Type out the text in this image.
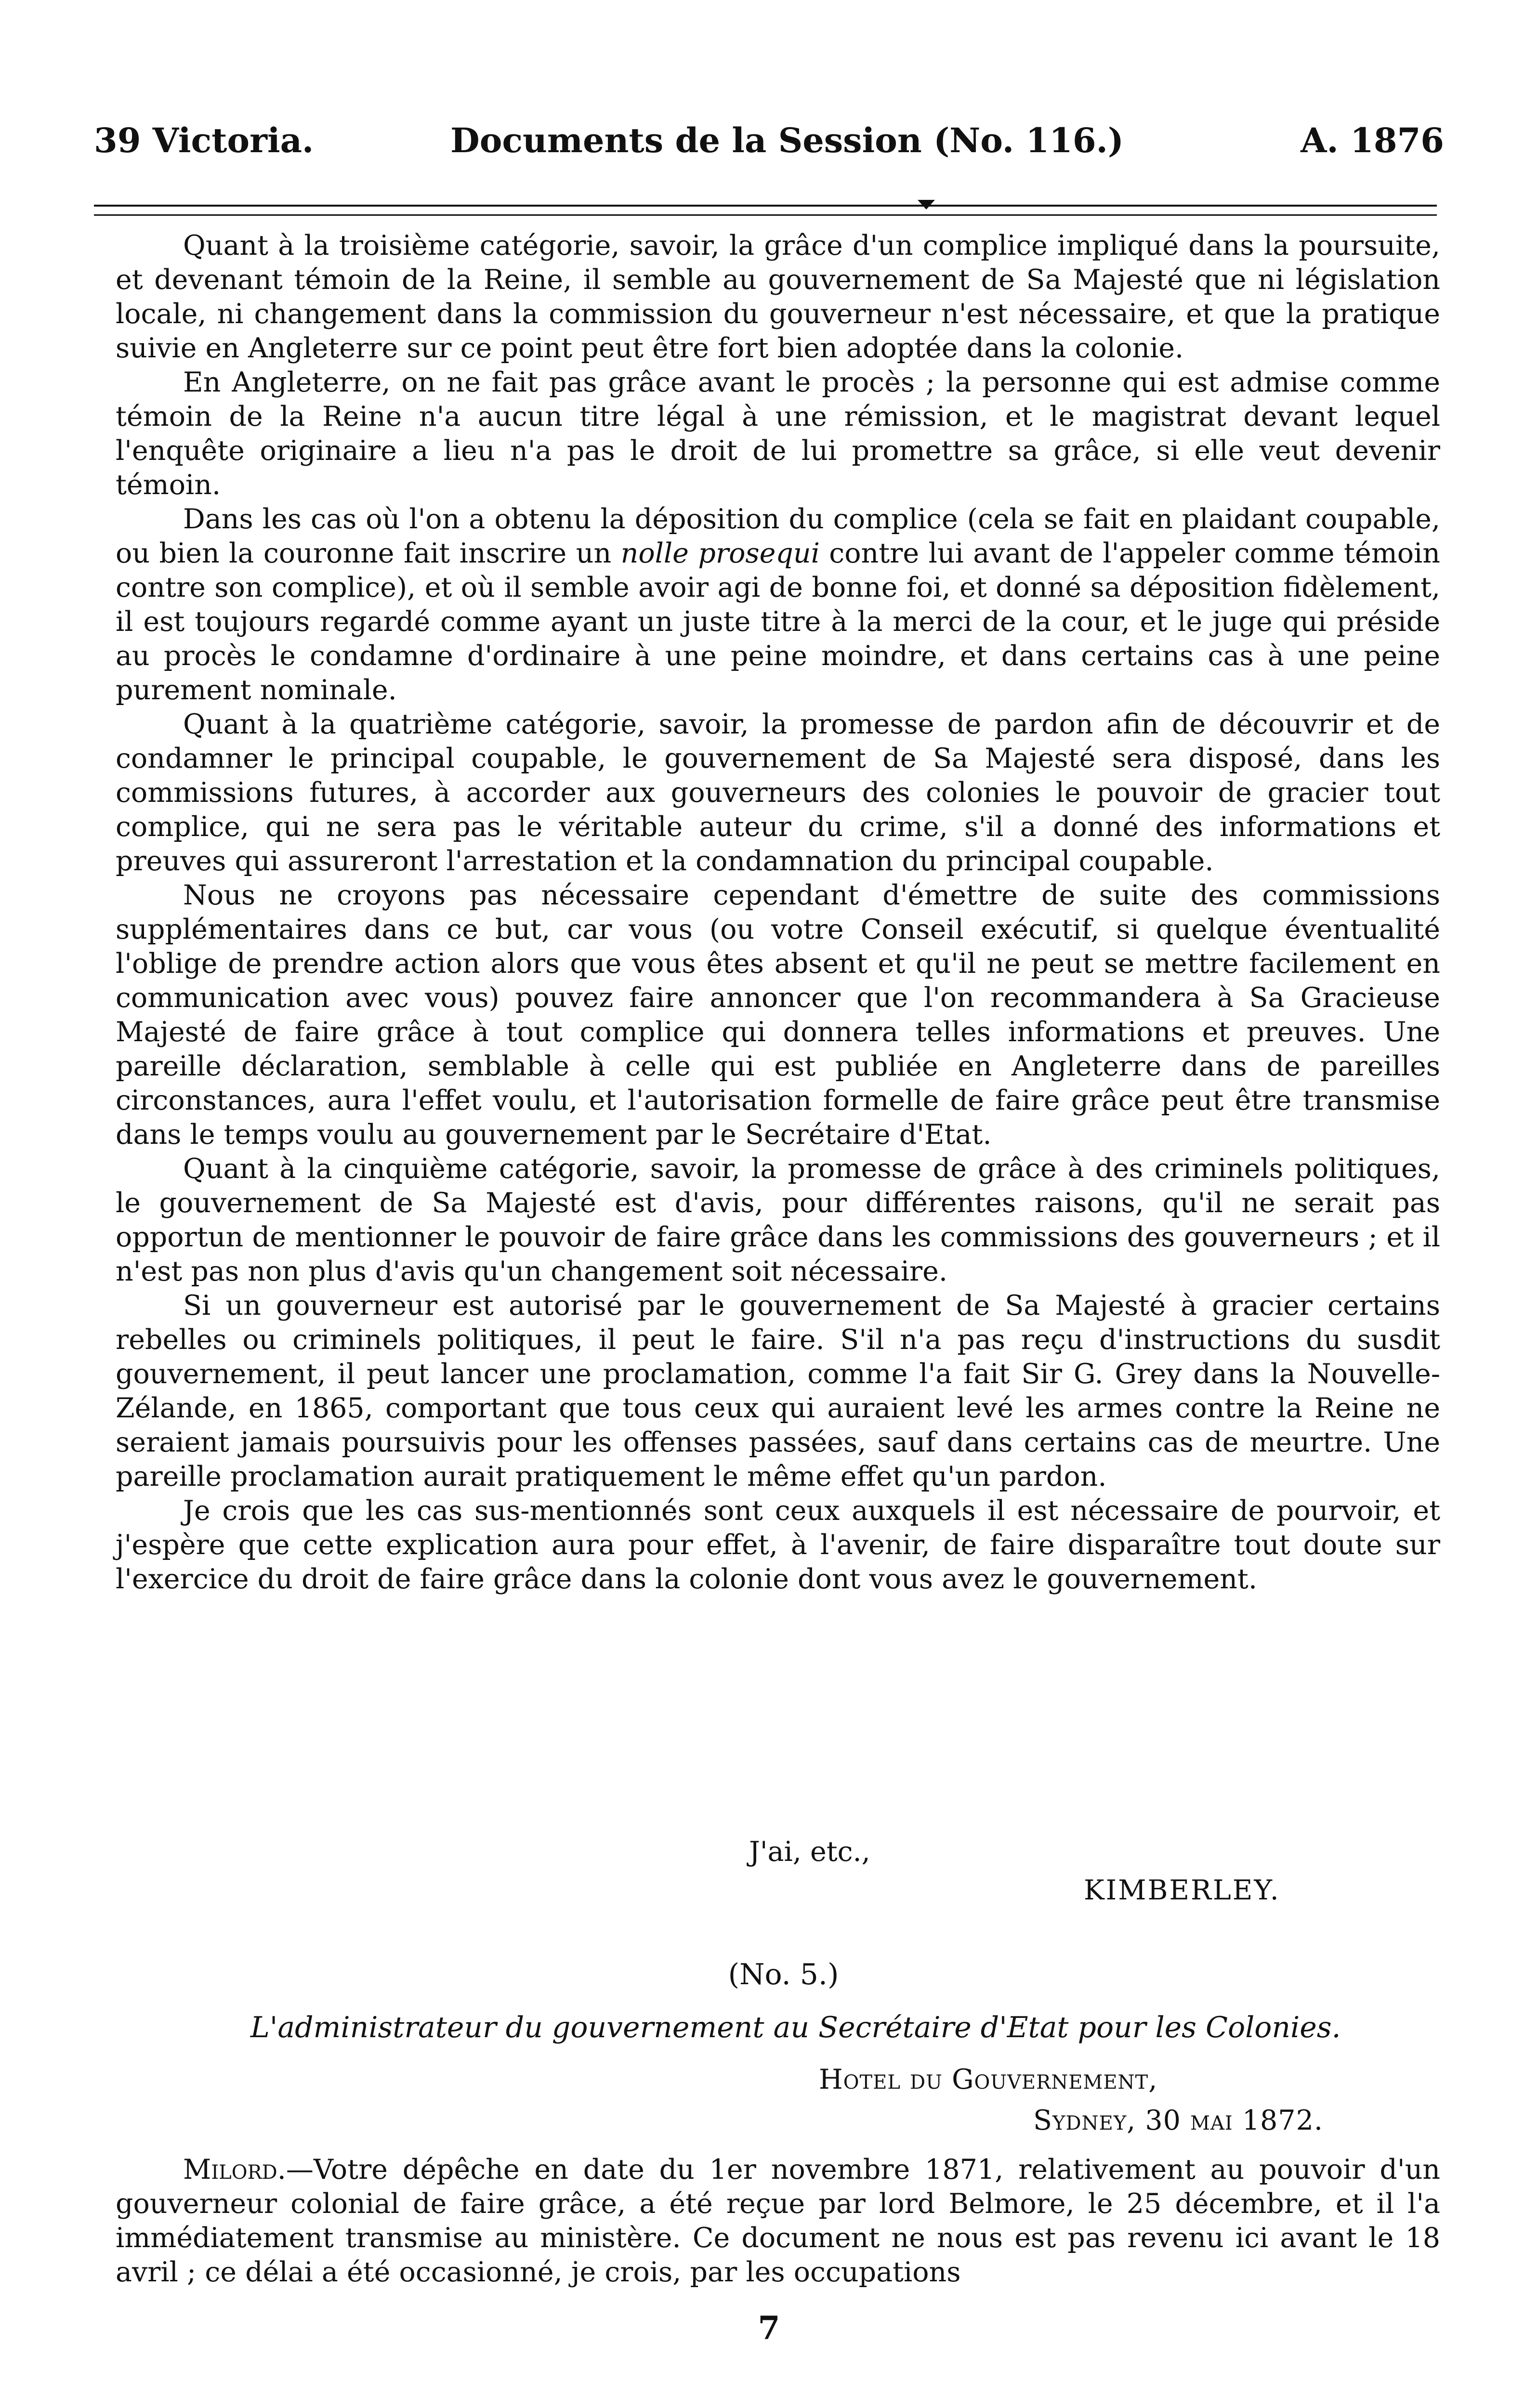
39 Victoria.	Documents de la Session (No. 116.)	A. 1876

Quant à la troisième catégorie, savoir, la grâce d'un complice impliqué dans la poursuite, et devenant témoin de la Reine, il semble au gouvernement de Sa Majesté que ni législation locale, ni changement dans la commission du gouverneur n'est nécessaire, et que la pratique suivie en Angleterre sur ce point peut être fort bien adoptée dans la colonie.

En Angleterre, on ne fait pas grâce avant le procès ; la personne qui est admise comme témoin de la Reine n'a aucun titre légal à une rémission, et le magistrat devant lequel l'enquête originaire a lieu n'a pas le droit de lui promettre sa grâce, si elle veut devenir témoin.

Dans les cas où l'on a obtenu la déposition du complice (cela se fait en plaidant coupable, ou bien la couronne fait inscrire un nolle prosequi contre lui avant de l'appeler comme témoin contre son complice), et où il semble avoir agi de bonne foi, et donné sa déposition fidèlement, il est toujours regardé comme ayant un juste titre à la merci de la cour, et le juge qui préside au procès le condamne d'ordinaire à une peine moindre, et dans certains cas à une peine purement nominale.

Quant à la quatrième catégorie, savoir, la promesse de pardon afin de découvrir et de condamner le principal coupable, le gouvernement de Sa Majesté sera disposé, dans les commissions futures, à accorder aux gouverneurs des colonies le pouvoir de gracier tout complice, qui ne sera pas le véritable auteur du crime, s'il a donné des informations et preuves qui assureront l'arrestation et la condamnation du principal coupable.

Nous ne croyons pas nécessaire cependant d'émettre de suite des commissions supplémentaires dans ce but, car vous (ou votre Conseil exécutif, si quelque éventualité l'oblige de prendre action alors que vous êtes absent et qu'il ne peut se mettre facilement en communication avec vous) pouvez faire annoncer que l'on recommandera à Sa Gracieuse Majesté de faire grâce à tout complice qui donnera telles informations et preuves. Une pareille déclaration, semblable à celle qui est publiée en Angleterre dans de pareilles circonstances, aura l'effet voulu, et l'autorisation formelle de faire grâce peut être transmise dans le temps voulu au gouvernement par le Secrétaire d'Etat.

Quant à la cinquième catégorie, savoir, la promesse de grâce à des criminels politiques, le gouvernement de Sa Majesté est d'avis, pour différentes raisons, qu'il ne serait pas opportun de mentionner le pouvoir de faire grâce dans les commissions des gouverneurs ; et il n'est pas non plus d'avis qu'un changement soit nécessaire.

Si un gouverneur est autorisé par le gouvernement de Sa Majesté à gracier certains rebelles ou criminels politiques, il peut le faire. S'il n'a pas reçu d'instructions du susdit gouvernement, il peut lancer une proclamation, comme l'a fait Sir G. Grey dans la Nouvelle-Zélande, en 1865, comportant que tous ceux qui auraient levé les armes contre la Reine ne seraient jamais poursuivis pour les offenses passées, sauf dans certains cas de meurtre. Une pareille proclamation aurait pratiquement le même effet qu'un pardon.

Je crois que les cas sus-mentionnés sont ceux auxquels il est nécessaire de pourvoir, et j'espère que cette explication aura pour effet, à l'avenir, de faire disparaître tout doute sur l'exercice du droit de faire grâce dans la colonie dont vous avez le gouvernement.

J'ai, etc.,
KIMBERLEY.
(No. 5.)
L'administrateur du gouvernement au Secrétaire d'Etat pour les Colonies.
Hotel du Gouvernement,
Sydney, 30 mai 1872.

Milord.—Votre dépêche en date du 1er novembre 1871, relativement au pouvoir d'un gouverneur colonial de faire grâce, a été reçue par lord Belmore, le 25 décembre, et il l'a immédiatement transmise au ministère. Ce document ne nous est pas revenu ici avant le 18 avril ; ce délai a été occasionné, je crois, par les occupations

7
